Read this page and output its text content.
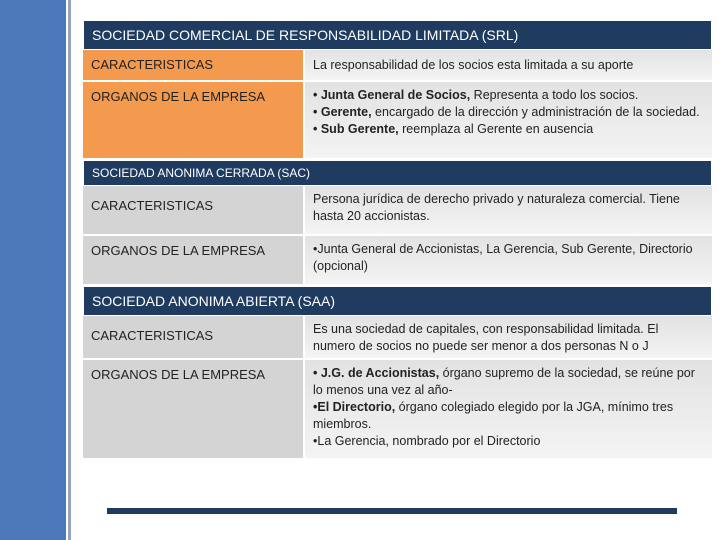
SOCIEDAD COMERCIAL DE RESPONSABILIDAD LIMITADA (SRL)
CARACTERISTICAS	La responsabilidad de los socios esta limitada a su aporte
ORGANOS DE LA EMPRESA	• Junta General de Socios, Representa a todo los socios.

• Gerente, encargado de la dirección y administración de la sociedad.

• Sub Gerente, reemplaza al Gerente en ausencia

SOCIEDAD ANONIMA CERRADA (SAC)
CARACTERISTICAS	Persona jurídica de derecho privado y naturaleza comercial. Tiene hasta 20 accionistas.
ORGANOS DE LA EMPRESA	•Junta General de Accionistas, La Gerencia, Sub Gerente, Directorio (opcional)
SOCIEDAD ANONIMA ABIERTA (SAA)
CARACTERISTICAS	Es una sociedad de capitales, con responsabilidad limitada. El numero de socios no puede ser menor a dos personas N o J
ORGANOS DE LA EMPRESA	• J.G. de Accionistas, órgano supremo de la sociedad, se reúne por lo menos una vez al año-

•El Directorio, órgano colegiado elegido por la JGA, mínimo tres miembros.

•La Gerencia, nombrado por el Directorio
